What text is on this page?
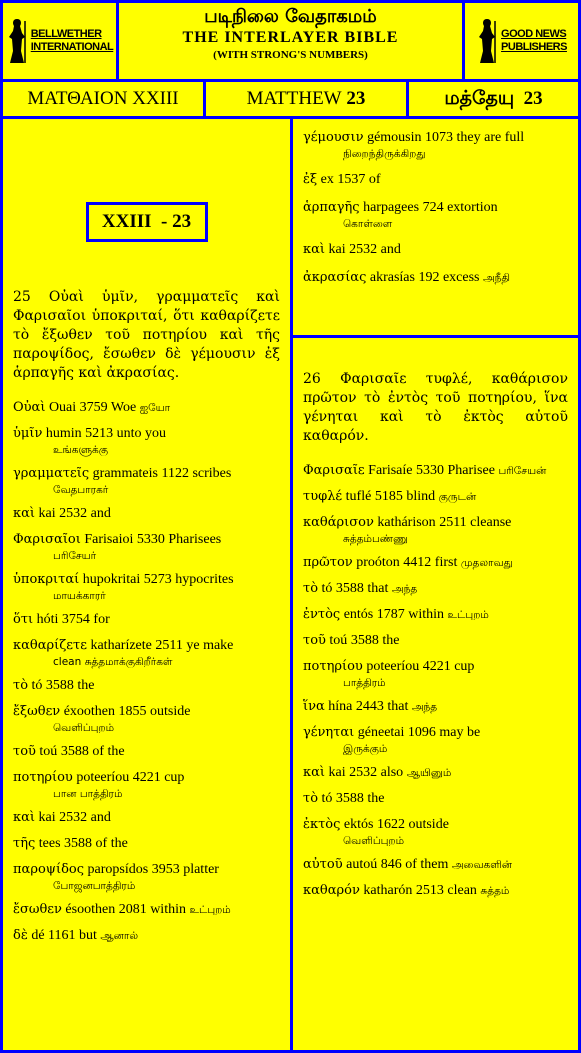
BELLWETHER
INTERNATIONAL
படிநிலை வேதாகமம்
THE INTERLAYER BIBLE
(WITH STRONG'S NUMBERS)
GOOD NEWS
PUBLISHERS
ΜΑΤΘΑΙΟΝ XXIII	MATTHEW
23	மத்தேயு
23
XXIII  - 23
25 Οὐαὶ ὑμῖν, γραμματεῖς καὶ Φαρισαῖοι ὑποκριταί, ὅτι καθαρίζετε τὸ ἔξωθεν τοῦ ποτηρίου καὶ τῆς παροψίδος, ἔσωθεν δὲ γέμουσιν ἐξ ἁρπαγῆς καὶ ἀκρασίας.
Οὐαὶ Ouai 3759 Woe ஐயோ
ὑμῖν humin 5213 unto you
உங்களுக்கு
γραμματεῖς grammateis 1122 scribes
வேதபாரகர்
καὶ kai 2532 and
Φαρισαῖοι Farisaioi 5330 Pharisees
பரிசேயர்
ὑποκριταί hupokritai 5273 hypocrites
மாயக்காரர்
ὅτι hóti 3754 for
καθαρίζετε katharízete 2511 ye make
clean சுத்தமாக்குகிறீர்கள்
τὸ tó 3588 the
ἔξωθεν éxoothen 1855 outside
வெளிப்புறம்
τοῦ toú 3588 of the
ποτηρίου poteeríou 4221 cup
பான பாத்திரம்
καὶ kai 2532 and
τῆς tees 3588 of the
παροψίδος paropsídos 3953 platter
போஜனபாத்திரம்
ἔσωθεν ésoothen 2081 within உட்புறம்
δὲ dé 1161 but ஆனால்
γέμουσιν gémousin 1073 they are full
நிறைந்திருக்கிறது
ἐξ ex 1537 of
ἁρπαγῆς harpagees 724 extortion
கொள்ளை
καὶ kai 2532 and
ἀκρασίας akrasías 192 excess அநீதி
26 Φαρισαῖε τυφλέ, καθάρισον πρῶτον τὸ ἐντὸς τοῦ ποτηρίου, ἵνα γένηται καὶ τὸ ἐκτὸς αὐτοῦ καθαρόν.
Φαρισαῖε Farisaíe 5330 Pharisee பரிசேயன்
τυφλέ tuflé 5185 blind குருடன்
καθάρισον kathárison 2511 cleanse
சுத்தம்பண்ணு
πρῶτον proóton 4412 first முதலாவது
τὸ tó 3588 that அந்த
ἐντὸς entós 1787 within உட்புறம்
τοῦ toú 3588 the
ποτηρίου poteeríou 4221 cup
பாத்திரம்
ἵνα hína 2443 that அந்த
γένηται géneetai 1096 may be
இருக்கும்
καὶ kai 2532 also ஆயினும்
τὸ tó 3588 the
ἐκτὸς ektós 1622 outside
வெளிப்புறம்
αὐτοῦ autoú 846 of them அவைகளின்
καθαρόν katharón 2513 clean சுத்தம்
